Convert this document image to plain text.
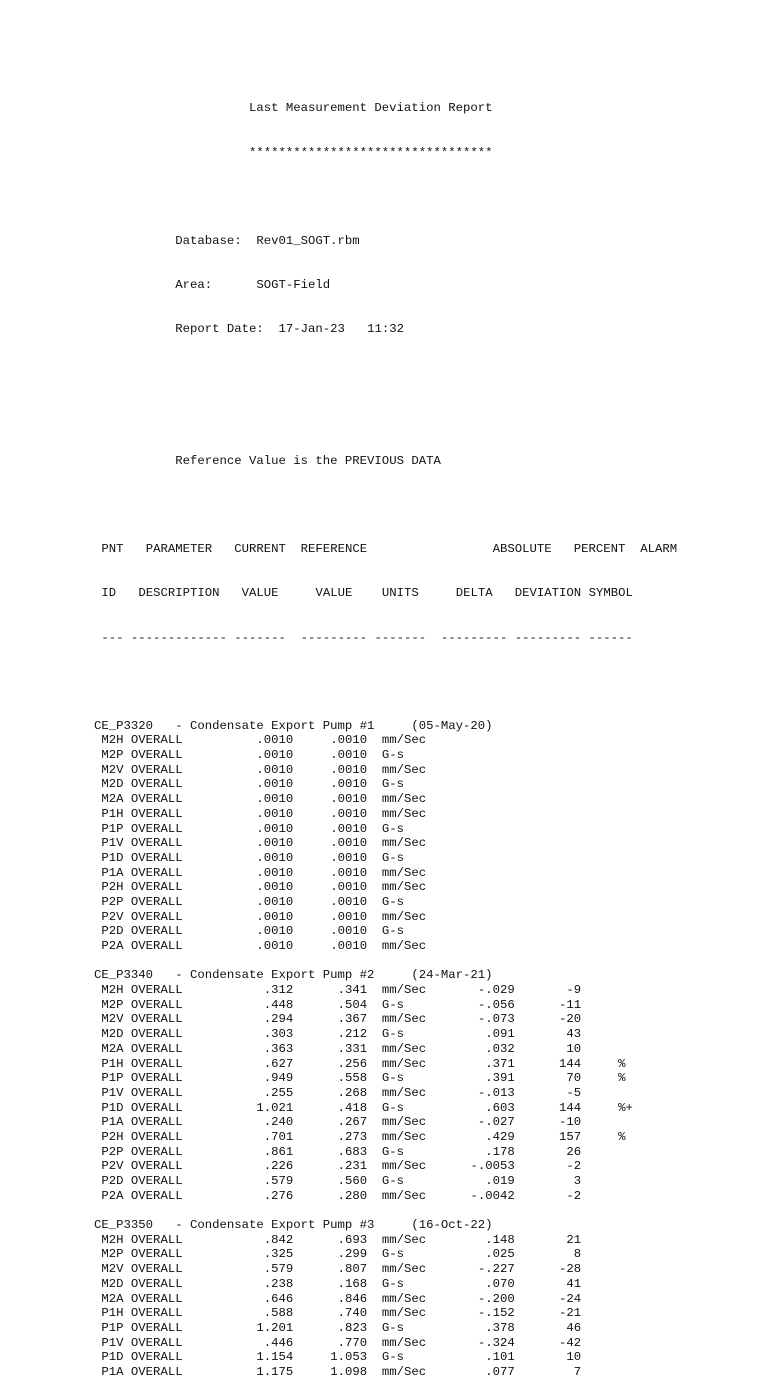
Last Measurement Deviation Report

*********************************

Database: Rev01_SOGT.rbm

Area:	SOGT-Field

Report Date: 17-Jan-23 11:32

Reference Value is the PREVIOUS DATA

PNT PARAMETER CURRENT REFERENCE	ABSOLUTE PERCENT ALARM

ID DESCRIPTION VALUE	VALUE UNITS	DELTA DEVIATION SYMBOL

--- ------------- ------- --------- ------- --------- --------- ------

CE_P3320 - Condensate Export Pump #1	(05-May-20)
M2H OVERALL	.0010	.0010 mm/Sec
M2P OVERALL	.0010	.0010 G-s
M2V OVERALL	.0010	.0010 mm/Sec
M2D OVERALL	.0010	.0010 G-s
M2A OVERALL	.0010	.0010 mm/Sec
P1H OVERALL	.0010	.0010 mm/Sec
P1P OVERALL	.0010	.0010 G-s
P1V OVERALL	.0010	.0010 mm/Sec
P1D OVERALL	.0010	.0010 G-s
P1A OVERALL	.0010	.0010 mm/Sec
P2H OVERALL	.0010	.0010 mm/Sec
P2P OVERALL	.0010	.0010 G-s
P2V OVERALL	.0010	.0010 mm/Sec
P2D OVERALL	.0010	.0010 G-s
P2A OVERALL	.0010	.0010 mm/Sec
CE_P3340 - Condensate Export Pump #2	(24-Mar-21)
M2H OVERALL	.312	.341 mm/Sec	-.029	-9
M2P OVERALL	.448	.504 G-s	-.056	-11
M2V OVERALL	.294	.367 mm/Sec	-.073	-20
M2D OVERALL	.303	.212 G-s	.091	43
M2A OVERALL	.363	.331 mm/Sec	.032	10
P1H OVERALL	.627	.256 mm/Sec	.371	144	%
P1P OVERALL	.949	.558 G-s	.391	70	%
P1V OVERALL	.255	.268 mm/Sec	-.013	-5
P1D OVERALL	1.021	.418 G-s	.603	144	%+
P1A OVERALL	.240	.267 mm/Sec	-.027	-10
P2H OVERALL	.701	.273 mm/Sec	.429	157	%
P2P OVERALL	.861	.683 G-s	.178	26
P2V OVERALL	.226	.231 mm/Sec	-.0053	-2
P2D OVERALL	.579	.560 G-s	.019	3
P2A OVERALL	.276	.280 mm/Sec	-.0042	-2
CE_P3350 - Condensate Export Pump #3	(16-Oct-22)
M2H OVERALL	.842	.693 mm/Sec	.148	21
M2P OVERALL	.325	.299 G-s	.025	8
M2V OVERALL	.579	.807 mm/Sec	-.227	-28
M2D OVERALL	.238	.168 G-s	.070	41
M2A OVERALL	.646	.846 mm/Sec	-.200	-24
P1H OVERALL	.588	.740 mm/Sec	-.152	-21
P1P OVERALL	1.201	.823 G-s	.378	46
P1V OVERALL	.446	.770 mm/Sec	-.324	-42
P1D OVERALL	1.154	1.053 G-s	.101	10
P1A OVERALL	1.175	1.098 mm/Sec	.077	7
